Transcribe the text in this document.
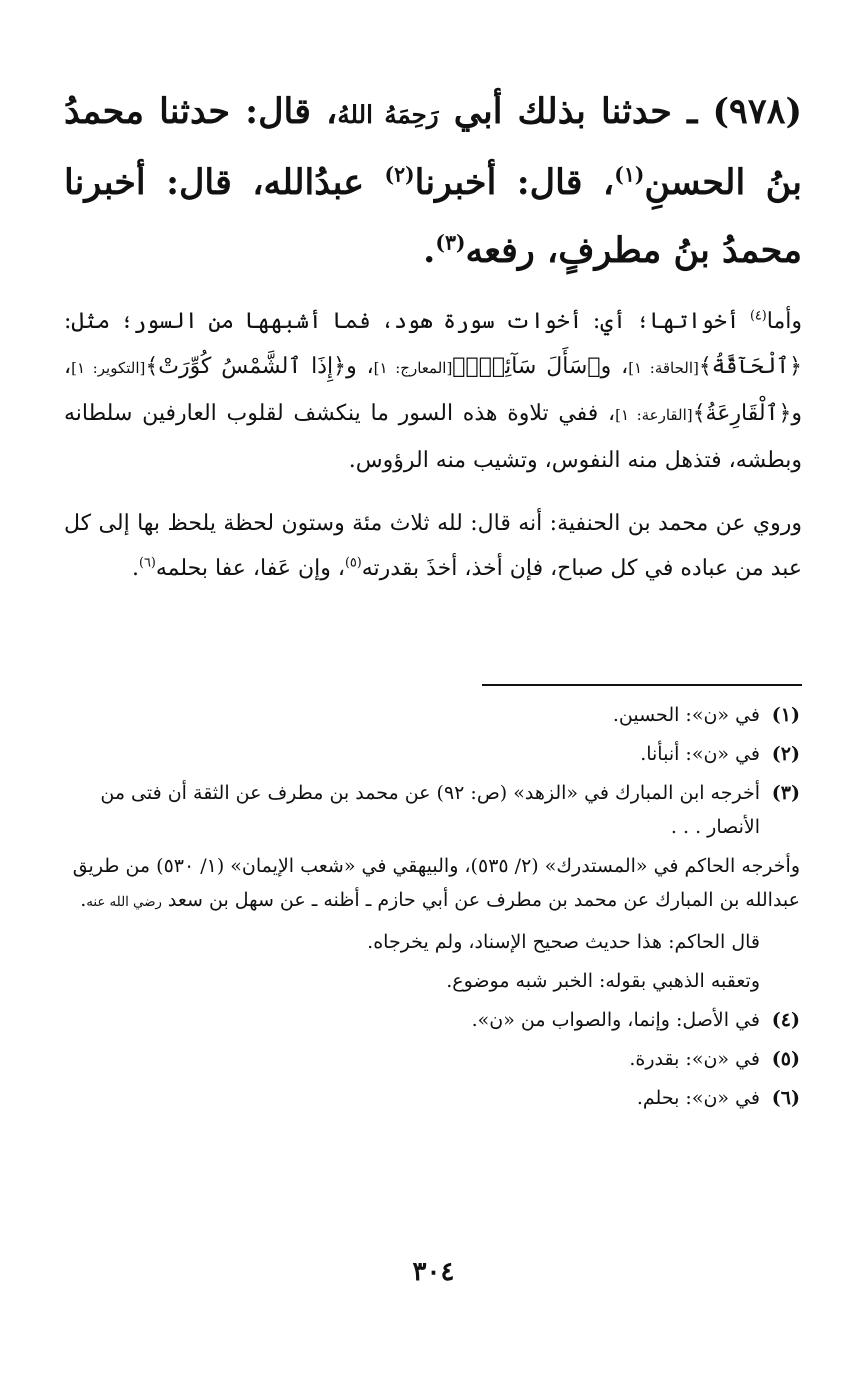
(٩٧٨) ـ حدثنا بذلك أبي رَحِمَهُ اللهُ، قال: حدثنا محمدُ بنُ الحسنِ$^{(١)}$، قال: أخبرنا$^{(٢)}$ عبدُالله، قال: أخبرنا محمدُ بنُ مطرفٍ، رفعه$^{(٣)}$.

وأما$^{(٤)}$ أخواتها؛ أي: أخوات سورة هود، فما أشبهها من السور؛ مثل: ﴿ٱلْحَآقَّةُ﴾[الحاقة: ١]، و﴿سَأَلَ سَآئِلٌۢ﴾[المعارج: ١]، و﴿إِذَا ٱلشَّمْسُ كُوِّرَتْ﴾[التكوير: ١]، و﴿ٱلْقَارِعَةُ﴾[القارعة: ١]، ففي تلاوة هذه السور ما ينكشف لقلوب العارفين سلطانه وبطشه، فتذهل منه النفوس، وتشيب منه الرؤوس.

وروي عن محمد بن الحنفية: أنه قال: لله ثلاث مئة وستون لحظة يلحظ بها إلى كل عبد من عباده في كل صباح، فإن أخذ، أخذَ بقدرته$^{(٥)}$، وإن عَفا، عفا بحلمه$^{(٦)}$.

(١)في «ن»: الحسين.
(٢)في «ن»: أنبأنا.
(٣)
أخرجه ابن المبارك في «الزهد» (ص: ٩٢) عن محمد بن مطرف عن الثقة أن فتى من الأنصار . . .

وأخرجه الحاكم في «المستدرك» (٢/ ٥٣٥)، والبيهقي في «شعب الإيمان» (١/ ٥٣٠) من طريق عبدالله بن المبارك عن محمد بن مطرف عن أبي حازم ـ أظنه ـ عن سهل بن سعد رضي الله عنه.

قال الحاكم: هذا حديث صحيح الإسناد، ولم يخرجاه.

وتعقبه الذهبي بقوله: الخبر شبه موضوع.

(٤)في الأصل: وإنما، والصواب من «ن».
(٥)في «ن»: بقدرة.
(٦)في «ن»: بحلم.
٣٠٤
